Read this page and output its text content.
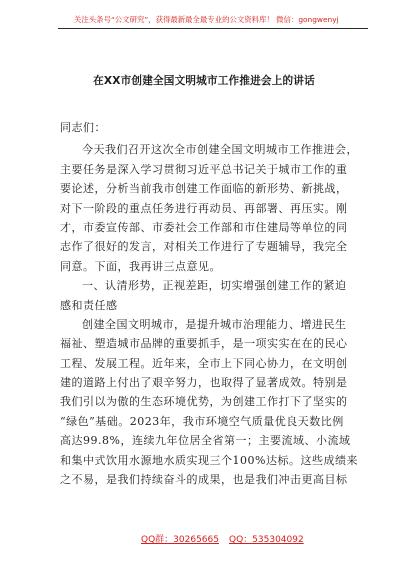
关注头条号“公文研究”，获得最新最全最专业的公文资料库！ 微信：gongwenyj
在XX市创建全国文明城市工作推进会上的讲话
同志们：
今天我们召开这次全市创建全国文明城市工作推进会，
主要任务是深入学习贯彻习近平总书记关于城市工作的重
要论述，分析当前我市创建工作面临的新形势、新挑战，
对下一阶段的重点任务进行再动员、再部署、再压实。刚
才，市委宣传部、市委社会工作部和市住建局等单位的同
志作了很好的发言，对相关工作进行了专题辅导，我完全
同意。下面，我再讲三点意见。
一、认清形势，正视差距，切实增强创建工作的紧迫
感和责任感
创建全国文明城市，是提升城市治理能力、增进民生
福祉、塑造城市品牌的重要抓手，是一项实实在在的民心
工程、发展工程。近年来，全市上下同心协力，在文明创
建的道路上付出了艰辛努力，也取得了显著成效。特别是
我们引以为傲的生态环境优势，为创建工作打下了坚实的
“绿色”基础。2023年，我市环境空气质量优良天数比例
高达99.8%，连续九年位居全省第一；主要流域、小流域
和集中式饮用水源地水质实现三个100%达标。这些成绩来
之不易，是我们持续奋斗的成果，也是我们冲击更高目标
QQ群：30265665 QQ：535304092
